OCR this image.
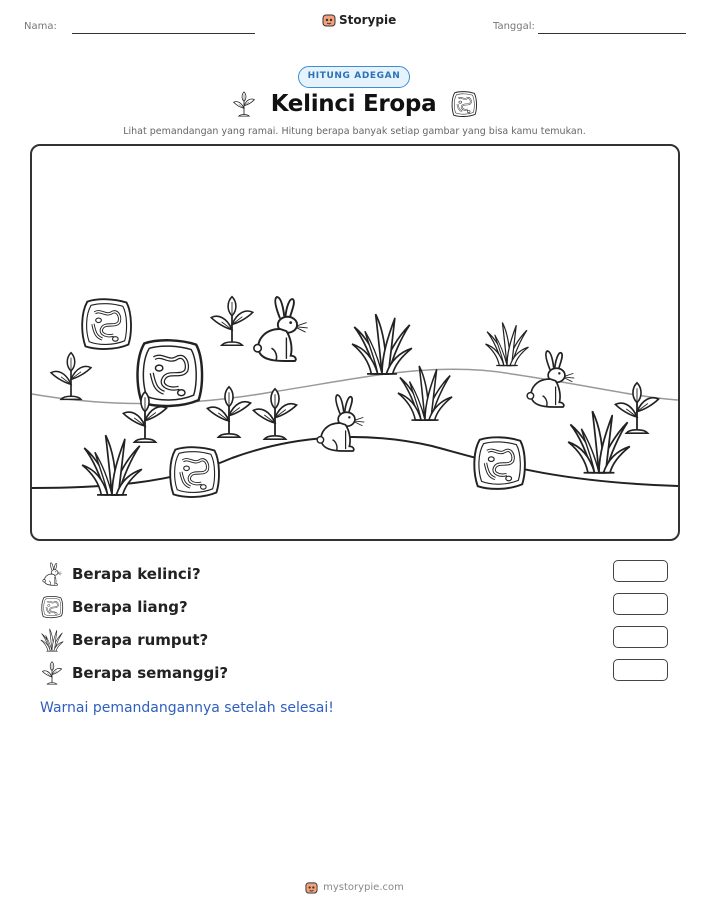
Nama:	Storypie	Tanggal:
HITUNG ADEGAN
Kelinci Eropa
Lihat pemandangan yang ramai. Hitung berapa banyak setiap gambar yang bisa kamu temukan.
Berapa kelinci?
Berapa liang?
Berapa rumput?
Berapa semanggi?
Warnai pemandangannya setelah selesai!
mystorypie.com
